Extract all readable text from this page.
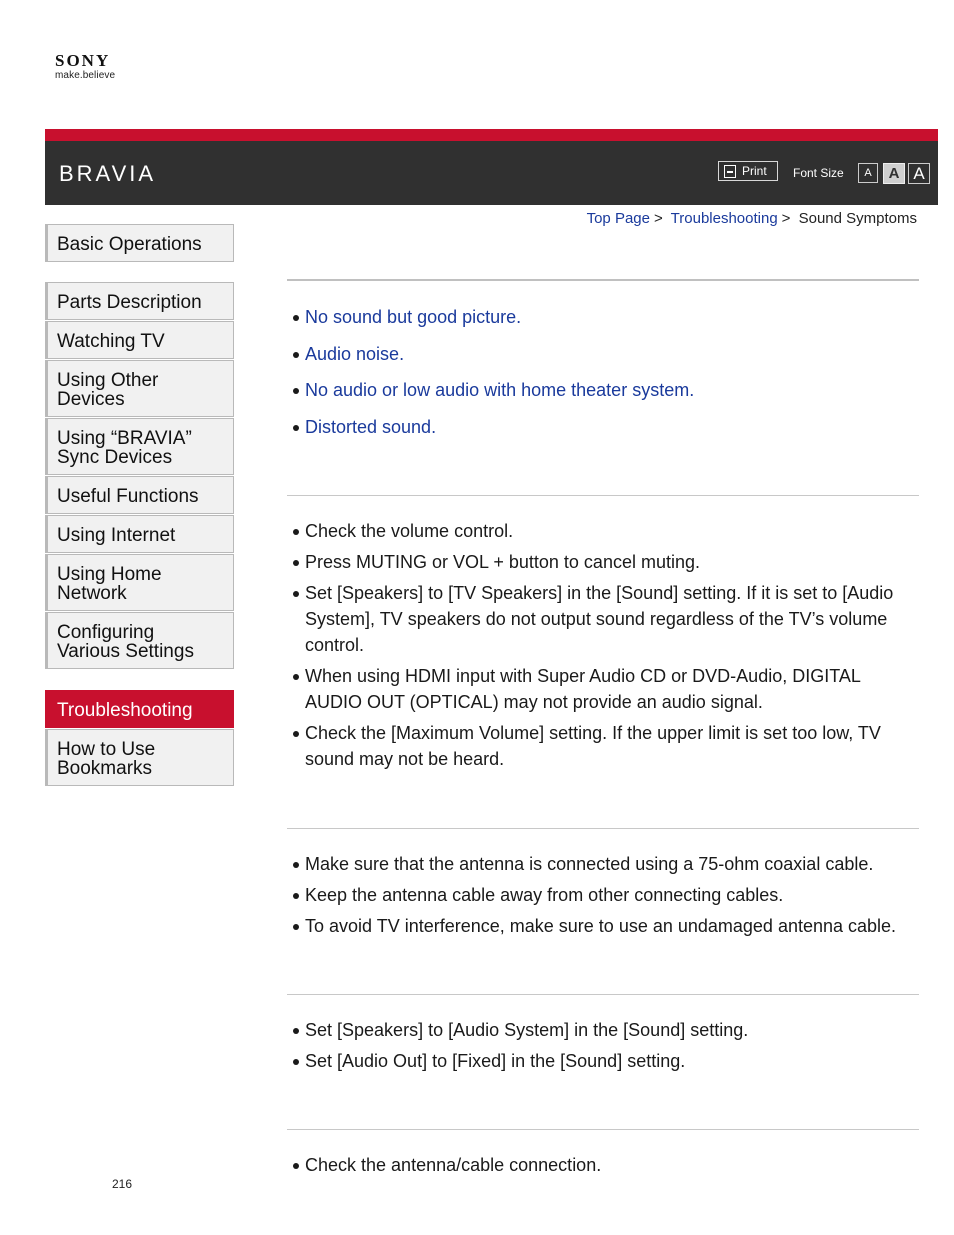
SONY
make.believe
BRAVIA	Print Font Size	A	A A
Top Page > Troubleshooting > Sound Symptoms
Basic Operations
Parts Description
Watching TV
Using Other Devices
Using “BRAVIA” Sync Devices
Useful Functions
Using Internet
Using Home Network
Configuring Various Settings
Troubleshooting
How to Use Bookmarks
No sound but good picture.
Audio noise.
No audio or low audio with home theater system.
Distorted sound.
Check the volume control.
Press MUTING or VOL + button to cancel muting.
Set [Speakers] to [TV Speakers] in the [Sound] setting. If it is set to [Audio System], TV speakers do not output sound regardless of the TV’s volume control.
When using HDMI input with Super Audio CD or DVD-Audio, DIGITAL AUDIO OUT (OPTICAL) may not provide an audio signal.
Check the [Maximum Volume] setting. If the upper limit is set too low, TV sound may not be heard.
Make sure that the antenna is connected using a 75-ohm coaxial cable.
Keep the antenna cable away from other connecting cables.
To avoid TV interference, make sure to use an undamaged antenna cable.
Set [Speakers] to [Audio System] in the [Sound] setting.
Set [Audio Out] to [Fixed] in the [Sound] setting.
Check the antenna/cable connection.
216
